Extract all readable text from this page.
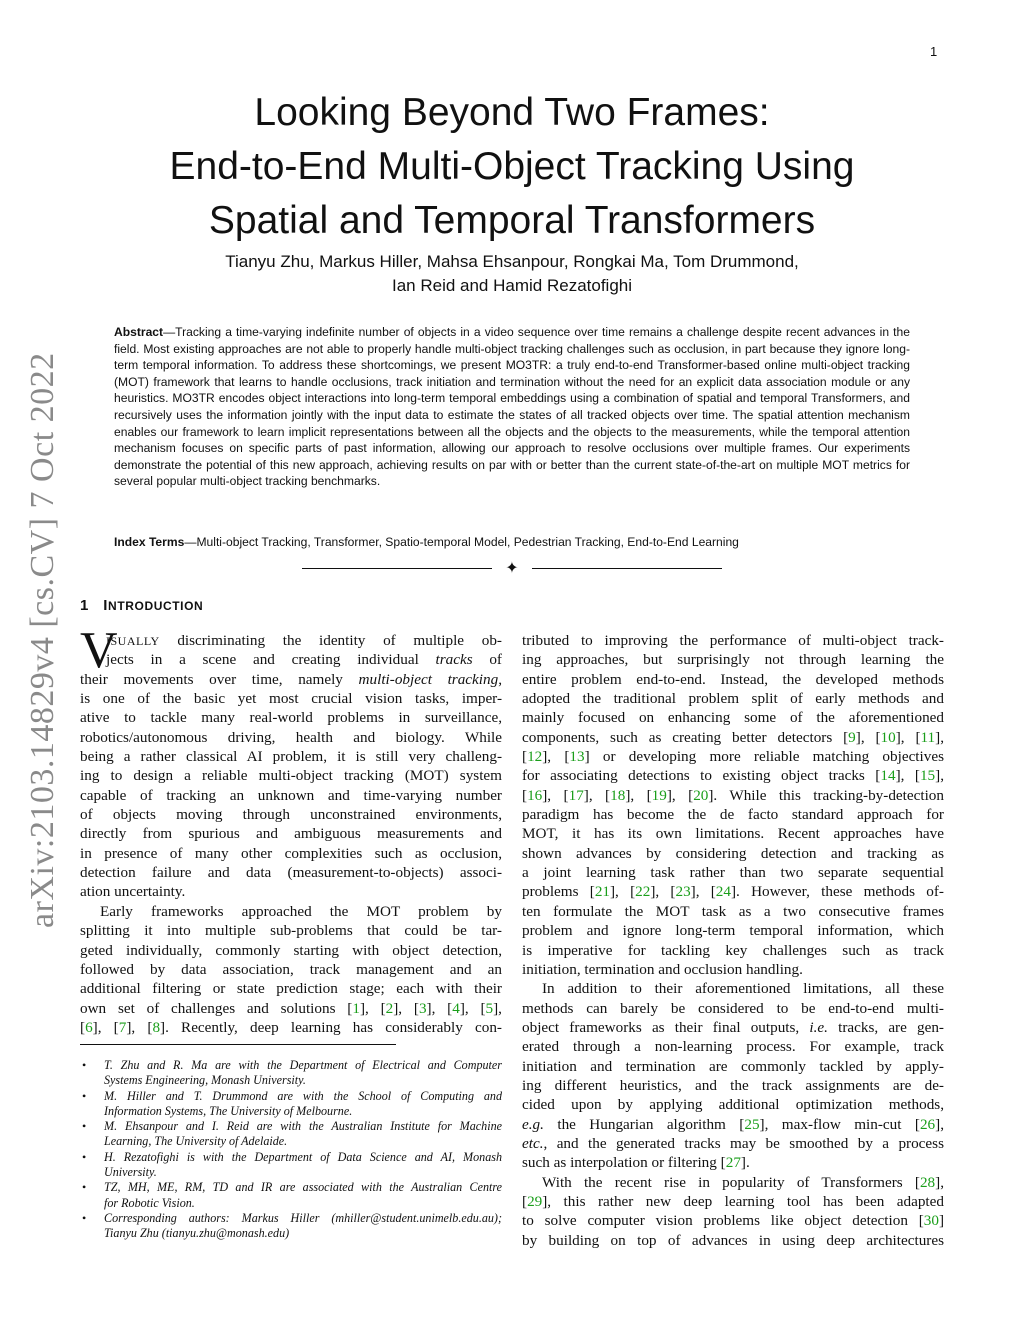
1
Looking Beyond Two Frames:
End-to-End Multi-Object Tracking Using
Spatial and Temporal Transformers
Tianyu Zhu, Markus Hiller, Mahsa Ehsanpour, Rongkai Ma, Tom Drummond,
Ian Reid and Hamid Rezatofighi
Abstract—Tracking a time-varying indefinite number of objects in a video sequence over time remains a challenge despite recent advances in the field. Most existing approaches are not able to properly handle multi-object tracking challenges such as occlusion, in part because they ignore long-term temporal information. To address these shortcomings, we present MO3TR: a truly end-to-end Transformer-based online multi-object tracking (MOT) framework that learns to handle occlusions, track initiation and termination without the need for an explicit data association module or any heuristics. MO3TR encodes object interactions into long-term temporal embeddings using a combination of spatial and temporal Transformers, and recursively uses the information jointly with the input data to estimate the states of all tracked objects over time. The spatial attention mechanism enables our framework to learn implicit representations between all the objects and the objects to the measurements, while the temporal attention mechanism focuses on specific parts of past information, allowing our approach to resolve occlusions over multiple frames. Our experiments demonstrate the potential of this new approach, achieving results on par with or better than the current state-of-the-art on multiple MOT metrics for several popular multi-object tracking benchmarks.
Index Terms—Multi-object Tracking, Transformer, Spatio-temporal Model, Pedestrian Tracking, End-to-End Learning
✦
arXiv:2103.14829v4 [cs.CV] 7 Oct 2022 1 INTRODUCTION
V
ISUALLY discriminating the identity of multiple ob-
jects in a scene and creating individual tracks of
their movements over time, namely multi-object tracking,
is one of the basic yet most crucial vision tasks, imper-
ative to tackle many real-world problems in surveillance,
robotics/autonomous driving, health and biology. While
being a rather classical AI problem, it is still very challeng-
ing to design a reliable multi-object tracking (MOT) system
capable of tracking an unknown and time-varying number
of objects moving through unconstrained environments,
directly from spurious and ambiguous measurements and
in presence of many other complexities such as occlusion,
detection failure and data (measurement-to-objects) associ-
ation uncertainty.
Early frameworks approached the MOT problem by
splitting it into multiple sub-problems that could be tar-
geted individually, commonly starting with object detection,
followed by data association, track management and an
additional filtering or state prediction stage; each with their
own set of challenges and solutions [1], [2], [3], [4], [5],
[6], [7], [8]. Recently, deep learning has considerably con-
tributed to improving the performance of multi-object track-
ing approaches, but surprisingly not through learning the
entire problem end-to-end. Instead, the developed methods
adopted the traditional problem split of early methods and
mainly focused on enhancing some of the aforementioned
components, such as creating better detectors [9], [10], [11],
[12], [13] or developing more reliable matching objectives
for associating detections to existing object tracks [14], [15],
[16], [17], [18], [19], [20]. While this tracking-by-detection
paradigm has become the de facto standard approach for
MOT, it has its own limitations. Recent approaches have
shown advances by considering detection and tracking as
a joint learning task rather than two separate sequential
problems [21], [22], [23], [24]. However, these methods of-
ten formulate the MOT task as a two consecutive frames
problem and ignore long-term temporal information, which
is imperative for tackling key challenges such as track
initiation, termination and occlusion handling.
In addition to their aforementioned limitations, all these
methods can barely be considered to be end-to-end multi-
object frameworks as their final outputs, i.e. tracks, are gen-
erated through a non-learning process. For example, track
initiation and termination are commonly tackled by apply-
ing different heuristics, and the track assignments are de-
cided upon by applying additional optimization methods,
e.g. the Hungarian algorithm [25], max-flow min-cut [26],
etc., and the generated tracks may be smoothed by a process
such as interpolation or filtering [27].
With the recent rise in popularity of Transformers [28],
[29], this rather new deep learning tool has been adapted
to solve computer vision problems like object detection [30]
by building on top of advances in using deep architectures
• T. Zhu and R. Ma are with the Department of Electrical and Computer
Systems Engineering, Monash University.
• M. Hiller and T. Drummond are with the School of Computing and
Information Systems, The University of Melbourne.
• M. Ehsanpour and I. Reid are with the Australian Institute for Machine
Learning, The University of Adelaide.
• H. Rezatofighi is with the Department of Data Science and AI, Monash
University.
• TZ, MH, ME, RM, TD and IR are associated with the Australian Centre
for Robotic Vision.
• Corresponding authors: Markus Hiller (mhiller@student.unimelb.edu.au);
Tianyu Zhu (tianyu.zhu@monash.edu)
